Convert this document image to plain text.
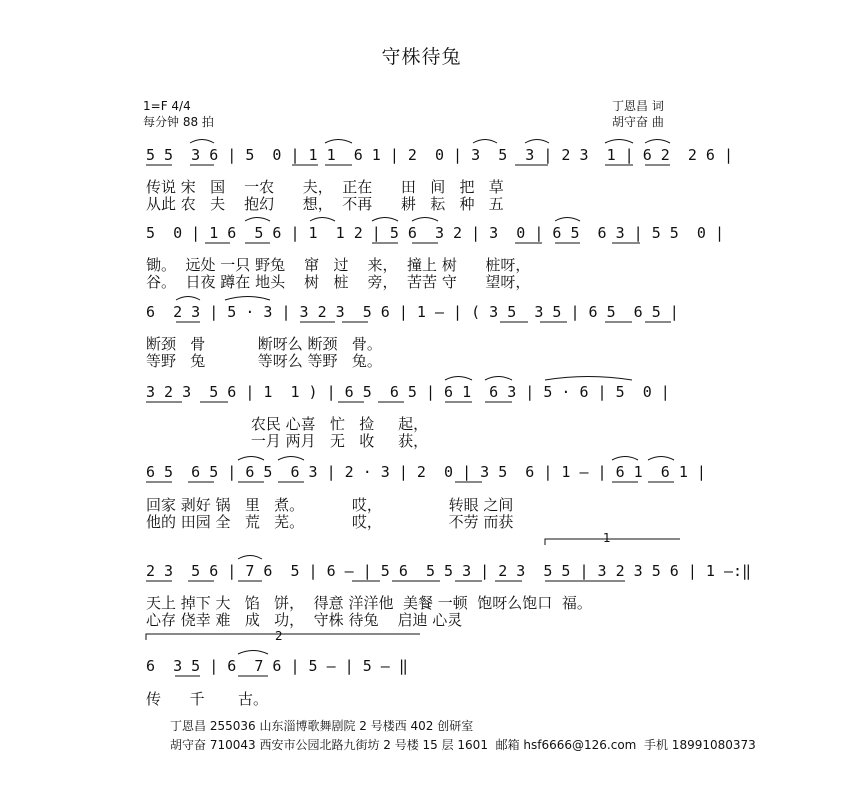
守株待兔
1=F 4/4
每分钟 88 拍
丁恩昌 词
胡守奋 曲
5 5  3 6 | 5  0 | 1 1  6 1 | 2  0 | 3  5  3 | 2 3  1 | 6 2  2 6 |
传说 宋   国    一农      夫，  正在      田   间   把   草
从此 农   夫    抱幻      想，  不再      耕   耘   种   五
5  0 | 1 6  5 6 | 1  1 2 | 5 6  3 2 | 3  0 | 6 5  6 3 | 5 5  0 |
锄。  远处 一只 野兔    窜   过    来，  撞上 树      桩呀，
谷。  日夜 蹲在 地头    树   桩    旁，  苦苦 守      望呀，
6  2 3 | 5 · 3 | 3 2 3  5 6 | 1 — | ( 3 5  3 5 | 6 5  6 5 |
断颈   骨           断呀么 断颈   骨。
等野   兔           等呀么 等野   兔。
3 2 3  5 6 | 1  1 ) | 6 5  6 5 | 6 1  6 3 | 5 · 6 | 5  0 |
农民 心喜   忙   捡     起，
一月 两月   无   收     获，
6 5  6 5 | 6 5  6 3 | 2 · 3 | 2  0 | 3 5  6 | 1 — | 6 1  6 1 |
回家 剥好 锅   里   煮。          哎，              转眼 之间
他的 田园 全   荒   芜。          哎，              不劳 而获
1
2 3  5 6 | 7 6  5 | 6 — | 5 6  5 5 3 | 2 3  5 5 | 3 2 3 5 6 | 1 —:‖
天上 掉下 大   馅   饼，  得意 洋洋他  美餐 一顿  饱呀么饱口  福。
心存 侥幸 难   成   功，  守株 待兔    启迪 心灵
2
6  3 5 | 6  7 6 | 5 — | 5 — ‖
传      千       古。
丁恩昌 255036 山东淄博歌舞剧院 2 号楼西 402 创研室
胡守奋 710043 西安市公园北路九街坊 2 号楼 15 层 1601  邮箱 hsf6666@126.com  手机 18991080373
